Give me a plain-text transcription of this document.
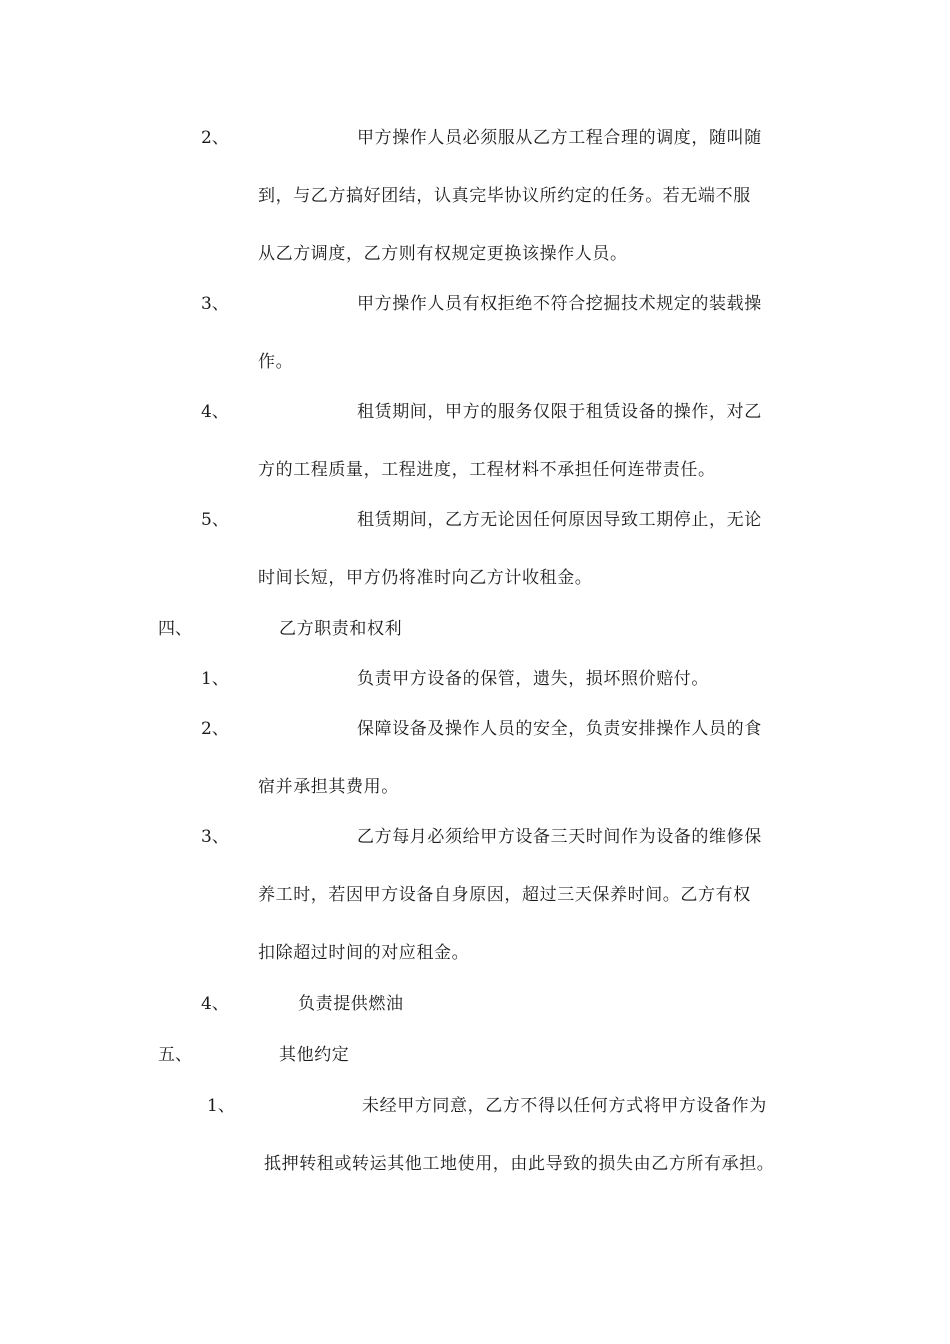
2、	甲方操作人员必须服从乙方工程合理的调度，随叫随
到，与乙方搞好团结，认真完毕协议所约定的任务。若无端不服
从乙方调度，乙方则有权规定更换该操作人员。
3、	甲方操作人员有权拒绝不符合挖掘技术规定的装载操
作。
4、	租赁期间，甲方的服务仅限于租赁设备的操作，对乙
方的工程质量，工程进度，工程材料不承担任何连带责任。
5、	租赁期间，乙方无论因任何原因导致工期停止，无论
时间长短，甲方仍将准时向乙方计收租金。
四、	乙方职责和权利
1、	负责甲方设备的保管，遗失，损坏照价赔付。
2、	保障设备及操作人员的安全，负责安排操作人员的食
宿并承担其费用。
3、	乙方每月必须给甲方设备三天时间作为设备的维修保
养工时，若因甲方设备自身原因，超过三天保养时间。乙方有权
扣除超过时间的对应租金。
4、	负责提供燃油
五、	其他约定
1、	未经甲方同意，乙方不得以任何方式将甲方设备作为
抵押转租或转运其他工地使用，由此导致的损失由乙方所有承担。
